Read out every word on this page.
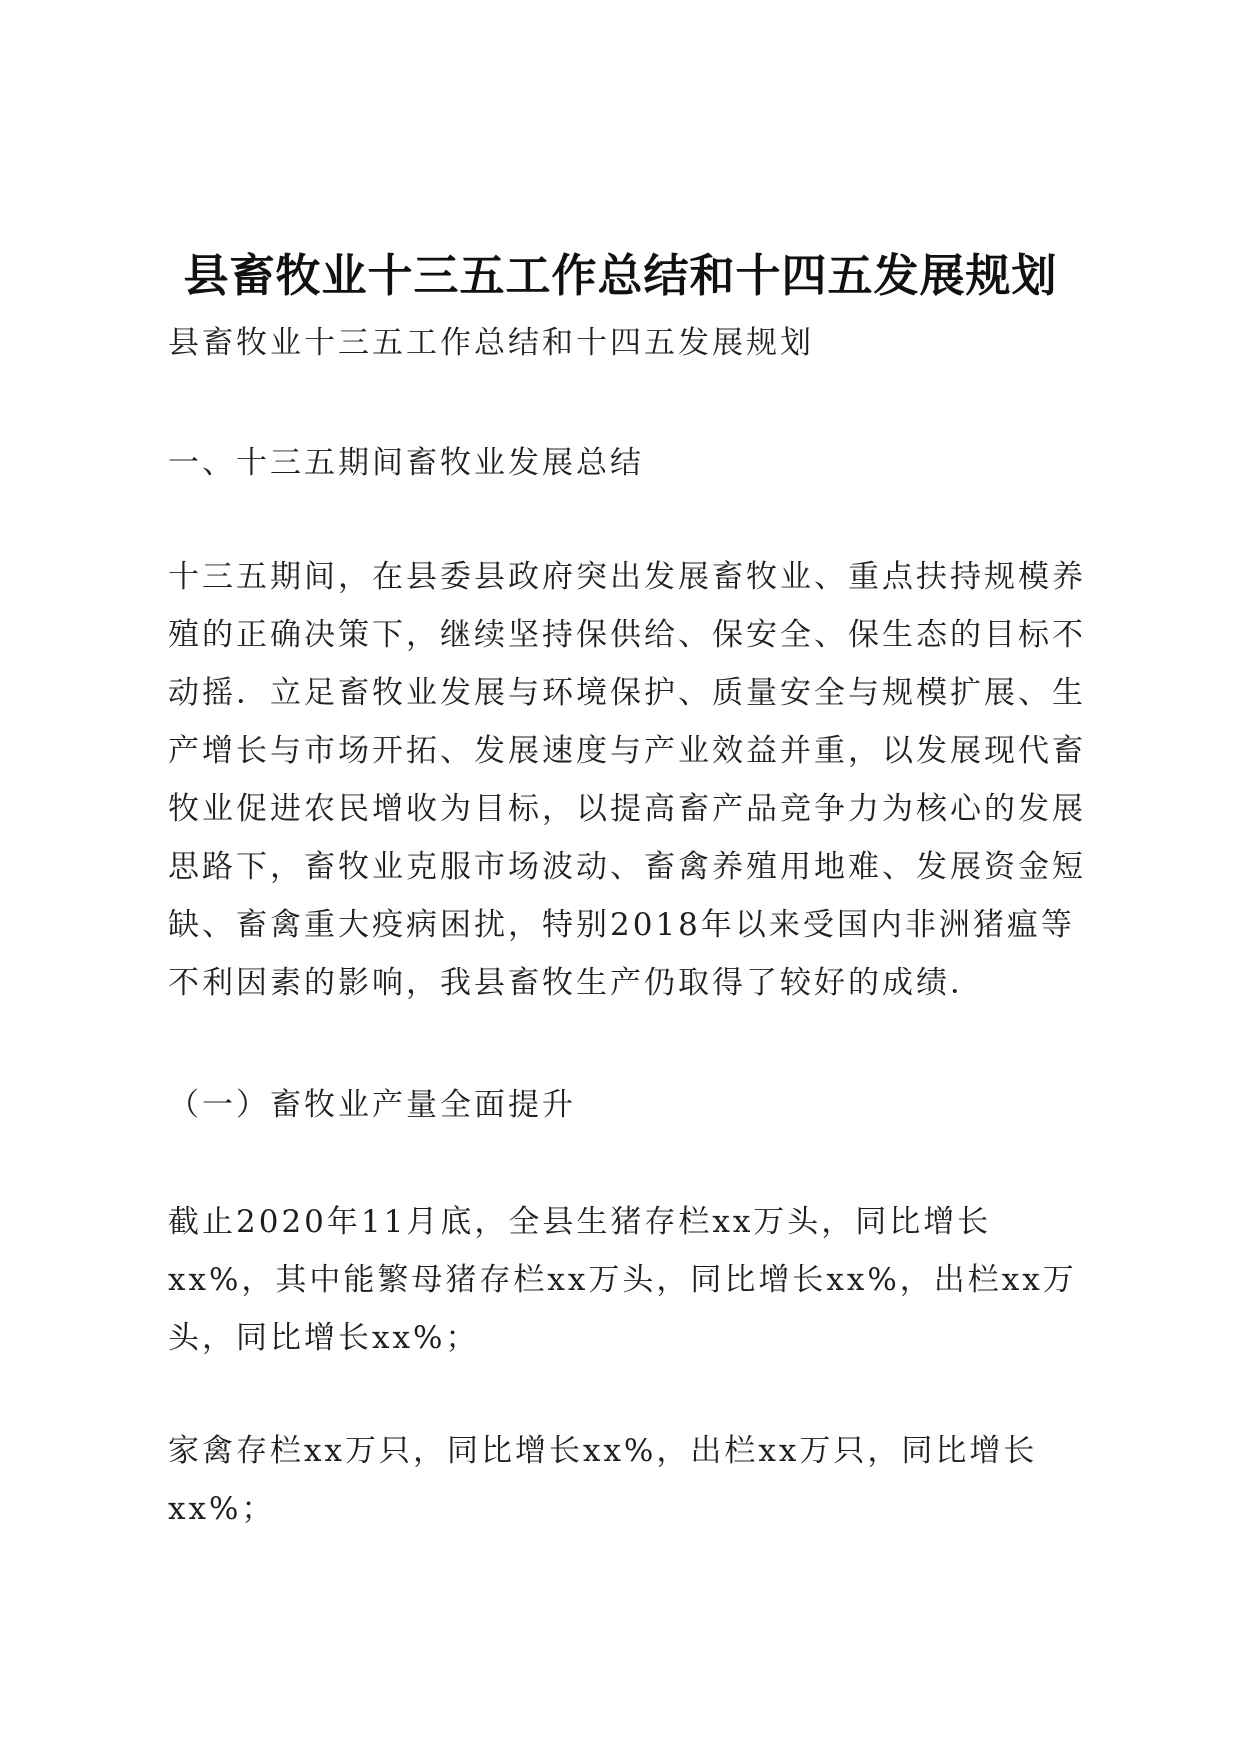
县畜牧业十三五工作总结和十四五发展规划

县畜牧业十三五工作总结和十四五发展规划

一、十三五期间畜牧业发展总结

十三五期间，在县委县政府突出发展畜牧业、重点扶持规模养殖的正确决策下，继续坚持保供给、保安全、保生态的目标不动摇．立足畜牧业发展与环境保护、质量安全与规模扩展、生产增长与市场开拓、发展速度与产业效益并重，以发展现代畜牧业促进农民增收为目标，以提高畜产品竞争力为核心的发展思路下，畜牧业克服市场波动、畜禽养殖用地难、发展资金短缺、畜禽重大疫病困扰，特别2018年以来受国内非洲猪瘟等不利因素的影响，我县畜牧生产仍取得了较好的成绩．

（一）畜牧业产量全面提升

截止2020年11月底，全县生猪存栏xx万头，同比增长xx%，其中能繁母猪存栏xx万头，同比增长xx%，出栏xx万头，同比增长xx%；

家禽存栏xx万只，同比增长xx%，出栏xx万只，同比增长xx%；
